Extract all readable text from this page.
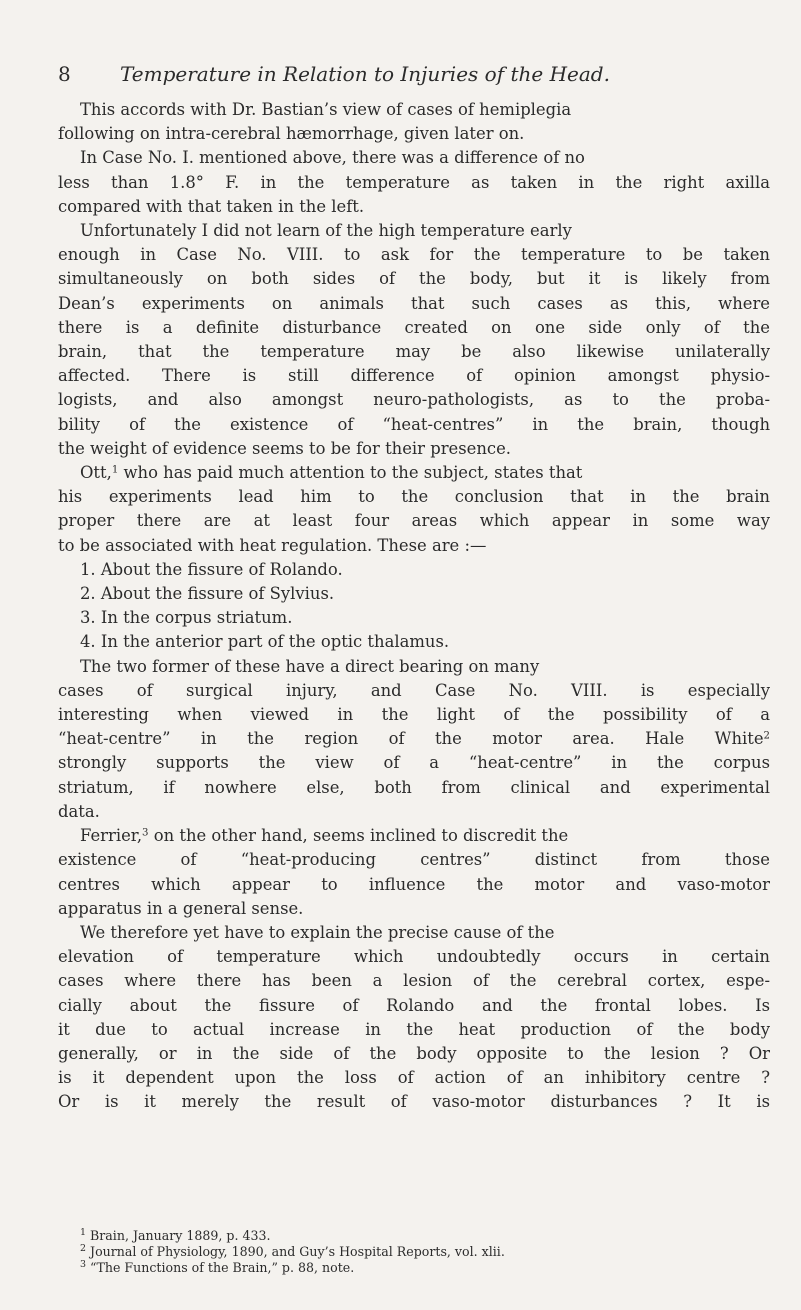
8 Temperature in Relation to Injuries of the Head.
This accords with Dr. Bastian’s view of cases of hemiplegia
following on intra-cerebral hæmorrhage, given later on.
In Case No. I. mentioned above, there was a difference of no
less than 1.8° F. in the temperature as taken in the right axilla
compared with that taken in the left.
Unfortunately I did not learn of the high temperature early
enough in Case No. VIII. to ask for the temperature to be taken
simultaneously on both sides of the body, but it is likely from
Dean’s experiments on animals that such cases as this, where
there is a definite disturbance created on one side only of the
brain, that the temperature may be also likewise unilaterally
affected. There is still difference of opinion amongst physio-
logists, and also amongst neuro-pathologists, as to the proba-
bility of the existence of “heat-centres” in the brain, though
the weight of evidence seems to be for their presence.
Ott,$^1$ who has paid much attention to the subject, states that
his experiments lead him to the conclusion that in the brain
proper there are at least four areas which appear in some way
to be associated with heat regulation. These are :—
1. About the fissure of Rolando.
2. About the fissure of Sylvius.
3. In the corpus striatum.
4. In the anterior part of the optic thalamus.
The two former of these have a direct bearing on many
cases of surgical injury, and Case No. VIII. is especially
interesting when viewed in the light of the possibility of a
“heat-centre” in the region of the motor area. Hale White$^2$
strongly supports the view of a “heat-centre” in the corpus
striatum, if nowhere else, both from clinical and experimental
data.
Ferrier,$^3$ on the other hand, seems inclined to discredit the
existence of “heat-producing centres” distinct from those
centres which appear to influence the motor and vaso-motor
apparatus in a general sense.
We therefore yet have to explain the precise cause of the
elevation of temperature which undoubtedly occurs in certain
cases where there has been a lesion of the cerebral cortex, espe-
cially about the fissure of Rolando and the frontal lobes. Is
it due to actual increase in the heat production of the body
generally, or in the side of the body opposite to the lesion ? Or
is it dependent upon the loss of action of an inhibitory centre ?
Or is it merely the result of vaso-motor disturbances ? It is
$^1$ Brain, January 1889, p. 433.
$^2$ Journal of Physiology, 1890, and Guy’s Hospital Reports, vol. xlii.
$^3$ “The Functions of the Brain,” p. 88, note.
